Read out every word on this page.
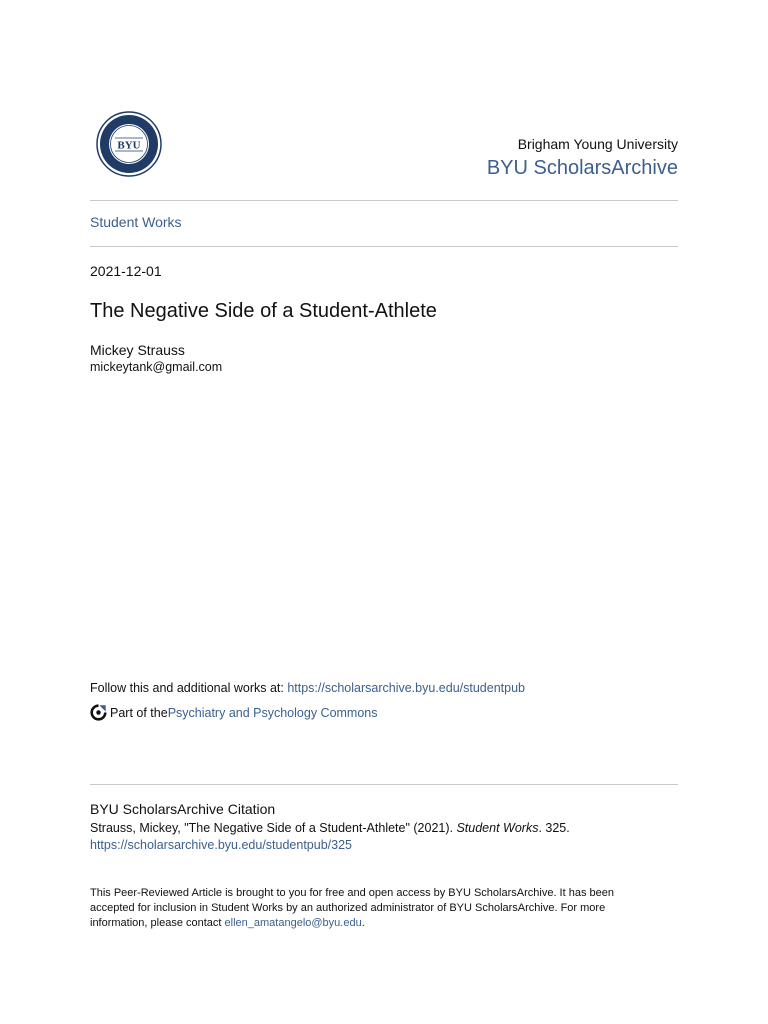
BYU	Brigham Young University
BYU ScholarsArchive
Student Works
2021-12-01
The Negative Side of a Student-Athlete
Mickey Strauss
mickeytank@gmail.com
Follow this and additional works at: https://scholarsarchive.byu.edu/studentpub
Part of the Psychiatry and Psychology Commons
BYU ScholarsArchive Citation
Strauss, Mickey, "The Negative Side of a Student-Athlete" (2021). Student Works. 325.
https://scholarsarchive.byu.edu/studentpub/325
This Peer-Reviewed Article is brought to you for free and open access by BYU ScholarsArchive. It has been accepted for inclusion in Student Works by an authorized administrator of BYU ScholarsArchive. For more information, please contact ellen_amatangelo@byu.edu.
